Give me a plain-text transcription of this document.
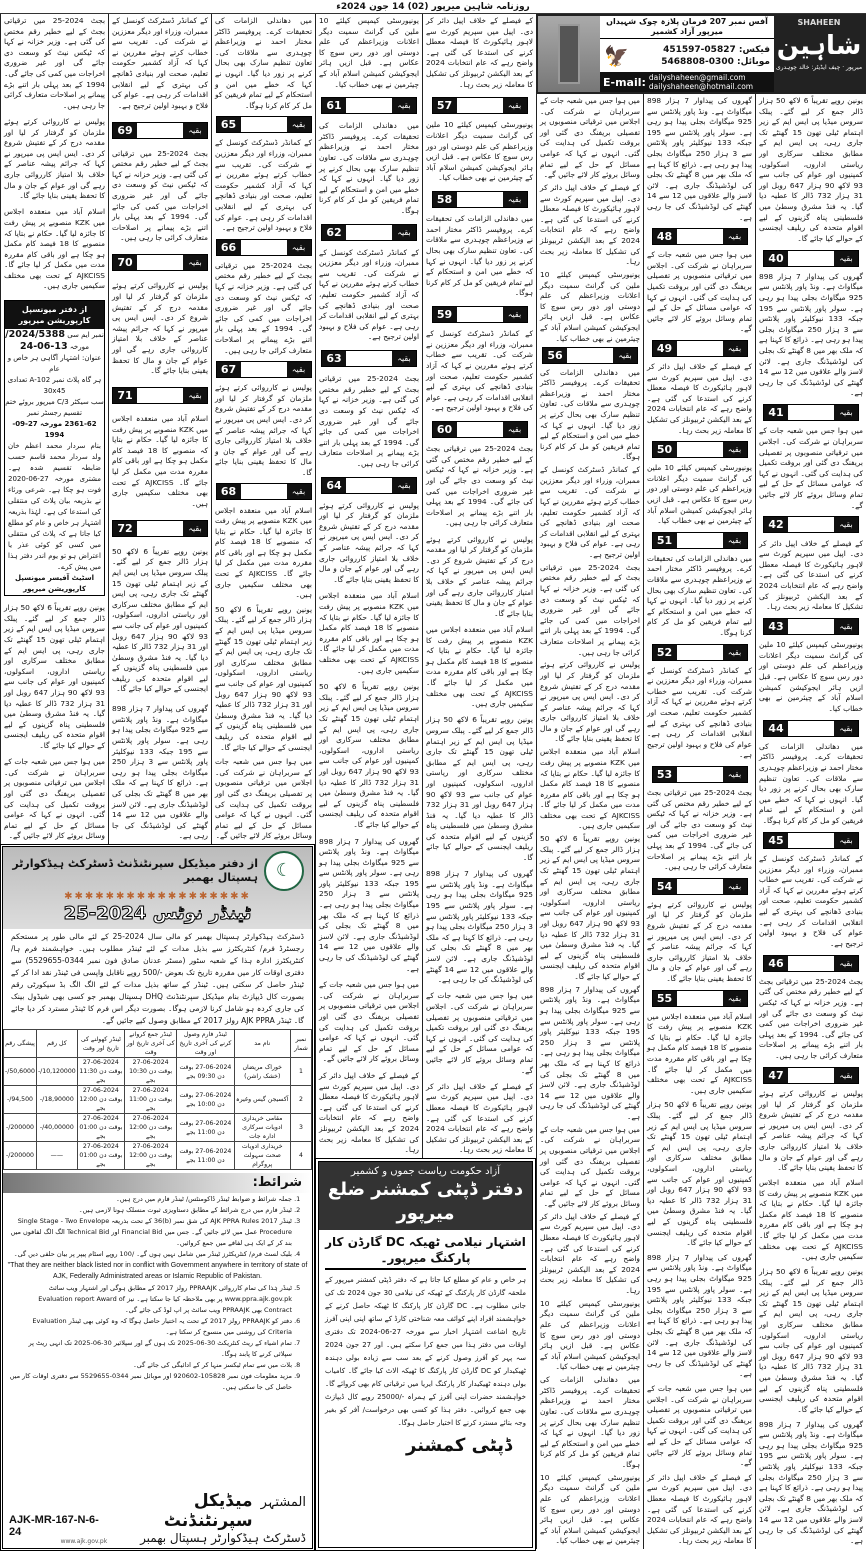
روزنامہ شاہین میرپور (02) 14 جون 2024ء
آفس نمبر 207 فرمان پلازہ چوک شہیداں میرپور آزاد کشمیر
فیکس: 05827-451597
موبائل: 0300-5468808
🦅
E-mail: dailyshaheen@gmail.com
dailyshaheen@hotmail.com
SHAHEEN
شاہین
میرپور · چیف ایڈیٹر: خالد چوہدری

یونین روپے تقریباً 6 لاکھ 50 ہزار ڈالر جمع کر لیے گئے۔ پبلک سروس میڈیا پی ایس ایم کے زیر اہتمام ٹیلی تھون 15 گھنٹے تک جاری رہی، پی ایس ایم کے مطابق مختلف سرکاری اور ریاستی اداروں، اسکولوں، کمپنیوں اور عوام کی جانب سے 93 لاکھ 90 ہزار 647 روبل اور 31 ہزار 732 ڈالر کا عطیہ دیا گیا۔ یہ فنڈ مشرق وسطیٰ میں فلسطینی پناہ گزینوں کے لیے اقوام متحدہ کی ریلیف ایجنسی کے حوالے کیا جائے گا۔

40	بقیہ

گھروں کی پیداوار 7 ہزار 898 میگاواٹ ہے۔ ونڈ پاور پلانٹس سے 925 میگاواٹ بجلی پیدا ہو رہی ہے۔ سولر پاور پلانٹس سے 195 جبکہ 133 نیوکلیئر پاور پلانٹس سے 3 ہزار 250 میگاواٹ بجلی پیدا ہو رہی ہے۔ ذرائع کا کہنا ہے کہ ملک بھر میں 8 گھنٹے تک بجلی کی لوڈشیڈنگ جاری ہے۔ لائن لاسز والے علاقوں میں 12 سے 14 گھنٹے کی لوڈشیڈنگ کی جا رہی ہے۔

41	بقیہ

میں ہوا جس میں شعبہ جات کے سربراہان نے شرکت کی۔ اجلاس میں ترقیاتی منصوبوں پر تفصیلی بریفنگ دی گئی اور بروقت تکمیل کی ہدایت کی گئی۔ انہوں نے کہا کہ عوامی مسائل کے حل کے لیے تمام وسائل بروئے کار لائے جائیں گے۔

42	بقیہ

کے فیصلے کے خلاف اپیل دائر کر دی۔ اپیل میں سپریم کورٹ سے لاہور ہائیکورٹ کا فیصلہ معطل کرنے کی استدعا کی گئی ہے۔ واضح رہے کہ عام انتخابات 2024 کے بعد الیکشن ٹربیونلز کی تشکیل کا معاملہ زیر بحث رہا۔

43	بقیہ

یونیورسٹی کیمپس کیلئے 10 ملین کی گرانٹ سمیت دیگر اعلانات وزیراعظم کی علم دوستی اور دور رس سوچ کا عکاس ہے۔ قبل ازیں ہائر ایجوکیشن کمیشن اسلام آباد کے چیئرمین نے بھی خطاب کیا۔

44	بقیہ

میں دھاندلی الزامات کی تحقیقات کرے۔ پروفیسر ڈاکٹر مختار احمد نے وزیراعظم چوہدری سے ملاقات کی۔ تعاون تنظیم سارک بھی بحال کرنے پر زور دیا گیا۔ انہوں نے کہا کہ خطے میں امن و استحکام کے لیے تمام فریقین کو مل کر کام کرنا ہوگا۔

45	بقیہ

کے کمانڈر ڈسٹرکٹ کونسل کے ممبران، وزراء اور دیگر معززین نے شرکت کی۔ تقریب سے خطاب کرتے ہوئے مقررین نے کہا کہ آزاد کشمیر حکومت تعلیم، صحت اور بنیادی ڈھانچے کی بہتری کے لیے انقلابی اقدامات کر رہی ہے۔ عوام کی فلاح و بہبود اولین ترجیح ہے۔

46	بقیہ

بجٹ 2024-25 میں ترقیاتی بجٹ کے لیے خطیر رقم مختص کی گئی ہے۔ وزیر خزانہ نے کہا کہ ٹیکس نیٹ کو وسعت دی جائے گی اور غیر ضروری اخراجات میں کمی کی جائے گی۔ 1994 کے بعد پہلی بار اتنے بڑے پیمانے پر اصلاحات متعارف کرائی جا رہی ہیں۔

47	بقیہ

پولیس نے کارروائی کرتے ہوئے ملزمان کو گرفتار کر لیا اور مقدمہ درج کر کے تفتیش شروع کر دی۔ ایس ایس پی میرپور نے کہا کہ جرائم پیشہ عناصر کے خلاف بلا امتیاز کارروائی جاری رہے گی اور عوام کے جان و مال کا تحفظ یقینی بنایا جائے گا۔

اسلام آباد میں منعقدہ اجلاس میں KZK منصوبے پر پیش رفت کا جائزہ لیا گیا۔ حکام نے بتایا کہ منصوبے کا 18 فیصد کام مکمل ہو چکا ہے اور باقی کام مقررہ مدت میں مکمل کر لیا جائے گا۔ AJKCISS کے تحت بھی مختلف سکیمیں جاری ہیں۔

یونین روپے تقریباً 6 لاکھ 50 ہزار ڈالر جمع کر لیے گئے۔ پبلک سروس میڈیا پی ایس ایم کے زیر اہتمام ٹیلی تھون 15 گھنٹے تک جاری رہی، پی ایس ایم کے مطابق مختلف سرکاری اور ریاستی اداروں، اسکولوں، کمپنیوں اور عوام کی جانب سے 93 لاکھ 90 ہزار 647 روبل اور 31 ہزار 732 ڈالر کا عطیہ دیا گیا۔ یہ فنڈ مشرق وسطیٰ میں فلسطینی پناہ گزینوں کے لیے اقوام متحدہ کی ریلیف ایجنسی کے حوالے کیا جائے گا۔

گھروں کی پیداوار 7 ہزار 898 میگاواٹ ہے۔ ونڈ پاور پلانٹس سے 925 میگاواٹ بجلی پیدا ہو رہی ہے۔ سولر پاور پلانٹس سے 195 جبکہ 133 نیوکلیئر پاور پلانٹس سے 3 ہزار 250 میگاواٹ بجلی پیدا ہو رہی ہے۔ ذرائع کا کہنا ہے کہ ملک بھر میں 8 گھنٹے تک بجلی کی لوڈشیڈنگ جاری ہے۔ لائن لاسز والے علاقوں میں 12 سے 14 گھنٹے کی لوڈشیڈنگ کی جا رہی ہے۔

گھروں کی پیداوار 7 ہزار 898 میگاواٹ ہے۔ ونڈ پاور پلانٹس سے 925 میگاواٹ بجلی پیدا ہو رہی ہے۔ سولر پاور پلانٹس سے 195 جبکہ 133 نیوکلیئر پاور پلانٹس سے 3 ہزار 250 میگاواٹ بجلی پیدا ہو رہی ہے۔ ذرائع کا کہنا ہے کہ ملک بھر میں 8 گھنٹے تک بجلی کی لوڈشیڈنگ جاری ہے۔ لائن لاسز والے علاقوں میں 12 سے 14 گھنٹے کی لوڈشیڈنگ کی جا رہی ہے۔

48	بقیہ

میں ہوا جس میں شعبہ جات کے سربراہان نے شرکت کی۔ اجلاس میں ترقیاتی منصوبوں پر تفصیلی بریفنگ دی گئی اور بروقت تکمیل کی ہدایت کی گئی۔ انہوں نے کہا کہ عوامی مسائل کے حل کے لیے تمام وسائل بروئے کار لائے جائیں گے۔

49	بقیہ

کے فیصلے کے خلاف اپیل دائر کر دی۔ اپیل میں سپریم کورٹ سے لاہور ہائیکورٹ کا فیصلہ معطل کرنے کی استدعا کی گئی ہے۔ واضح رہے کہ عام انتخابات 2024 کے بعد الیکشن ٹربیونلز کی تشکیل کا معاملہ زیر بحث رہا۔

50	بقیہ

یونیورسٹی کیمپس کیلئے 10 ملین کی گرانٹ سمیت دیگر اعلانات وزیراعظم کی علم دوستی اور دور رس سوچ کا عکاس ہے۔ قبل ازیں ہائر ایجوکیشن کمیشن اسلام آباد کے چیئرمین نے بھی خطاب کیا۔

51	بقیہ

میں دھاندلی الزامات کی تحقیقات کرے۔ پروفیسر ڈاکٹر مختار احمد نے وزیراعظم چوہدری سے ملاقات کی۔ تعاون تنظیم سارک بھی بحال کرنے پر زور دیا گیا۔ انہوں نے کہا کہ خطے میں امن و استحکام کے لیے تمام فریقین کو مل کر کام کرنا ہوگا۔

52	بقیہ

کے کمانڈر ڈسٹرکٹ کونسل کے ممبران، وزراء اور دیگر معززین نے شرکت کی۔ تقریب سے خطاب کرتے ہوئے مقررین نے کہا کہ آزاد کشمیر حکومت تعلیم، صحت اور بنیادی ڈھانچے کی بہتری کے لیے انقلابی اقدامات کر رہی ہے۔ عوام کی فلاح و بہبود اولین ترجیح ہے۔

53	بقیہ

بجٹ 2024-25 میں ترقیاتی بجٹ کے لیے خطیر رقم مختص کی گئی ہے۔ وزیر خزانہ نے کہا کہ ٹیکس نیٹ کو وسعت دی جائے گی اور غیر ضروری اخراجات میں کمی کی جائے گی۔ 1994 کے بعد پہلی بار اتنے بڑے پیمانے پر اصلاحات متعارف کرائی جا رہی ہیں۔

54	بقیہ

پولیس نے کارروائی کرتے ہوئے ملزمان کو گرفتار کر لیا اور مقدمہ درج کر کے تفتیش شروع کر دی۔ ایس ایس پی میرپور نے کہا کہ جرائم پیشہ عناصر کے خلاف بلا امتیاز کارروائی جاری رہے گی اور عوام کے جان و مال کا تحفظ یقینی بنایا جائے گا۔

55	بقیہ

اسلام آباد میں منعقدہ اجلاس میں KZK منصوبے پر پیش رفت کا جائزہ لیا گیا۔ حکام نے بتایا کہ منصوبے کا 18 فیصد کام مکمل ہو چکا ہے اور باقی کام مقررہ مدت میں مکمل کر لیا جائے گا۔ AJKCISS کے تحت بھی مختلف سکیمیں جاری ہیں۔

یونین روپے تقریباً 6 لاکھ 50 ہزار ڈالر جمع کر لیے گئے۔ پبلک سروس میڈیا پی ایس ایم کے زیر اہتمام ٹیلی تھون 15 گھنٹے تک جاری رہی، پی ایس ایم کے مطابق مختلف سرکاری اور ریاستی اداروں، اسکولوں، کمپنیوں اور عوام کی جانب سے 93 لاکھ 90 ہزار 647 روبل اور 31 ہزار 732 ڈالر کا عطیہ دیا گیا۔ یہ فنڈ مشرق وسطیٰ میں فلسطینی پناہ گزینوں کے لیے اقوام متحدہ کی ریلیف ایجنسی کے حوالے کیا جائے گا۔

گھروں کی پیداوار 7 ہزار 898 میگاواٹ ہے۔ ونڈ پاور پلانٹس سے 925 میگاواٹ بجلی پیدا ہو رہی ہے۔ سولر پاور پلانٹس سے 195 جبکہ 133 نیوکلیئر پاور پلانٹس سے 3 ہزار 250 میگاواٹ بجلی پیدا ہو رہی ہے۔ ذرائع کا کہنا ہے کہ ملک بھر میں 8 گھنٹے تک بجلی کی لوڈشیڈنگ جاری ہے۔ لائن لاسز والے علاقوں میں 12 سے 14 گھنٹے کی لوڈشیڈنگ کی جا رہی ہے۔

میں ہوا جس میں شعبہ جات کے سربراہان نے شرکت کی۔ اجلاس میں ترقیاتی منصوبوں پر تفصیلی بریفنگ دی گئی اور بروقت تکمیل کی ہدایت کی گئی۔ انہوں نے کہا کہ عوامی مسائل کے حل کے لیے تمام وسائل بروئے کار لائے جائیں گے۔

کے فیصلے کے خلاف اپیل دائر کر دی۔ اپیل میں سپریم کورٹ سے لاہور ہائیکورٹ کا فیصلہ معطل کرنے کی استدعا کی گئی ہے۔ واضح رہے کہ عام انتخابات 2024 کے بعد الیکشن ٹربیونلز کی تشکیل کا معاملہ زیر بحث رہا۔

میں ہوا جس میں شعبہ جات کے سربراہان نے شرکت کی۔ اجلاس میں ترقیاتی منصوبوں پر تفصیلی بریفنگ دی گئی اور بروقت تکمیل کی ہدایت کی گئی۔ انہوں نے کہا کہ عوامی مسائل کے حل کے لیے تمام وسائل بروئے کار لائے جائیں گے۔

کے فیصلے کے خلاف اپیل دائر کر دی۔ اپیل میں سپریم کورٹ سے لاہور ہائیکورٹ کا فیصلہ معطل کرنے کی استدعا کی گئی ہے۔ واضح رہے کہ عام انتخابات 2024 کے بعد الیکشن ٹربیونلز کی تشکیل کا معاملہ زیر بحث رہا۔

یونیورسٹی کیمپس کیلئے 10 ملین کی گرانٹ سمیت دیگر اعلانات وزیراعظم کی علم دوستی اور دور رس سوچ کا عکاس ہے۔ قبل ازیں ہائر ایجوکیشن کمیشن اسلام آباد کے چیئرمین نے بھی خطاب کیا۔

56	بقیہ

میں دھاندلی الزامات کی تحقیقات کرے۔ پروفیسر ڈاکٹر مختار احمد نے وزیراعظم چوہدری سے ملاقات کی۔ تعاون تنظیم سارک بھی بحال کرنے پر زور دیا گیا۔ انہوں نے کہا کہ خطے میں امن و استحکام کے لیے تمام فریقین کو مل کر کام کرنا ہوگا۔

کے کمانڈر ڈسٹرکٹ کونسل کے ممبران، وزراء اور دیگر معززین نے شرکت کی۔ تقریب سے خطاب کرتے ہوئے مقررین نے کہا کہ آزاد کشمیر حکومت تعلیم، صحت اور بنیادی ڈھانچے کی بہتری کے لیے انقلابی اقدامات کر رہی ہے۔ عوام کی فلاح و بہبود اولین ترجیح ہے۔

بجٹ 2024-25 میں ترقیاتی بجٹ کے لیے خطیر رقم مختص کی گئی ہے۔ وزیر خزانہ نے کہا کہ ٹیکس نیٹ کو وسعت دی جائے گی اور غیر ضروری اخراجات میں کمی کی جائے گی۔ 1994 کے بعد پہلی بار اتنے بڑے پیمانے پر اصلاحات متعارف کرائی جا رہی ہیں۔

پولیس نے کارروائی کرتے ہوئے ملزمان کو گرفتار کر لیا اور مقدمہ درج کر کے تفتیش شروع کر دی۔ ایس ایس پی میرپور نے کہا کہ جرائم پیشہ عناصر کے خلاف بلا امتیاز کارروائی جاری رہے گی اور عوام کے جان و مال کا تحفظ یقینی بنایا جائے گا۔

اسلام آباد میں منعقدہ اجلاس میں KZK منصوبے پر پیش رفت کا جائزہ لیا گیا۔ حکام نے بتایا کہ منصوبے کا 18 فیصد کام مکمل ہو چکا ہے اور باقی کام مقررہ مدت میں مکمل کر لیا جائے گا۔ AJKCISS کے تحت بھی مختلف سکیمیں جاری ہیں۔

یونین روپے تقریباً 6 لاکھ 50 ہزار ڈالر جمع کر لیے گئے۔ پبلک سروس میڈیا پی ایس ایم کے زیر اہتمام ٹیلی تھون 15 گھنٹے تک جاری رہی، پی ایس ایم کے مطابق مختلف سرکاری اور ریاستی اداروں، اسکولوں، کمپنیوں اور عوام کی جانب سے 93 لاکھ 90 ہزار 647 روبل اور 31 ہزار 732 ڈالر کا عطیہ دیا گیا۔ یہ فنڈ مشرق وسطیٰ میں فلسطینی پناہ گزینوں کے لیے اقوام متحدہ کی ریلیف ایجنسی کے حوالے کیا جائے گا۔

گھروں کی پیداوار 7 ہزار 898 میگاواٹ ہے۔ ونڈ پاور پلانٹس سے 925 میگاواٹ بجلی پیدا ہو رہی ہے۔ سولر پاور پلانٹس سے 195 جبکہ 133 نیوکلیئر پاور پلانٹس سے 3 ہزار 250 میگاواٹ بجلی پیدا ہو رہی ہے۔ ذرائع کا کہنا ہے کہ ملک بھر میں 8 گھنٹے تک بجلی کی لوڈشیڈنگ جاری ہے۔ لائن لاسز والے علاقوں میں 12 سے 14 گھنٹے کی لوڈشیڈنگ کی جا رہی ہے۔

میں ہوا جس میں شعبہ جات کے سربراہان نے شرکت کی۔ اجلاس میں ترقیاتی منصوبوں پر تفصیلی بریفنگ دی گئی اور بروقت تکمیل کی ہدایت کی گئی۔ انہوں نے کہا کہ عوامی مسائل کے حل کے لیے تمام وسائل بروئے کار لائے جائیں گے۔

کے فیصلے کے خلاف اپیل دائر کر دی۔ اپیل میں سپریم کورٹ سے لاہور ہائیکورٹ کا فیصلہ معطل کرنے کی استدعا کی گئی ہے۔ واضح رہے کہ عام انتخابات 2024 کے بعد الیکشن ٹربیونلز کی تشکیل کا معاملہ زیر بحث رہا۔

یونیورسٹی کیمپس کیلئے 10 ملین کی گرانٹ سمیت دیگر اعلانات وزیراعظم کی علم دوستی اور دور رس سوچ کا عکاس ہے۔ قبل ازیں ہائر ایجوکیشن کمیشن اسلام آباد کے چیئرمین نے بھی خطاب کیا۔

میں دھاندلی الزامات کی تحقیقات کرے۔ پروفیسر ڈاکٹر مختار احمد نے وزیراعظم چوہدری سے ملاقات کی۔ تعاون تنظیم سارک بھی بحال کرنے پر زور دیا گیا۔ انہوں نے کہا کہ خطے میں امن و استحکام کے لیے تمام فریقین کو مل کر کام کرنا ہوگا۔

یونیورسٹی کیمپس کیلئے 10 ملین کی گرانٹ سمیت دیگر اعلانات وزیراعظم کی علم دوستی اور دور رس سوچ کا عکاس ہے۔ قبل ازیں ہائر ایجوکیشن کمیشن اسلام آباد کے چیئرمین نے بھی خطاب کیا۔

کے فیصلے کے خلاف اپیل دائر کر دی۔ اپیل میں سپریم کورٹ سے لاہور ہائیکورٹ کا فیصلہ معطل کرنے کی استدعا کی گئی ہے۔ واضح رہے کہ عام انتخابات 2024 کے بعد الیکشن ٹربیونلز کی تشکیل کا معاملہ زیر بحث رہا۔

57	بقیہ

یونیورسٹی کیمپس کیلئے 10 ملین کی گرانٹ سمیت دیگر اعلانات وزیراعظم کی علم دوستی اور دور رس سوچ کا عکاس ہے۔ قبل ازیں ہائر ایجوکیشن کمیشن اسلام آباد کے چیئرمین نے بھی خطاب کیا۔

58	بقیہ

میں دھاندلی الزامات کی تحقیقات کرے۔ پروفیسر ڈاکٹر مختار احمد نے وزیراعظم چوہدری سے ملاقات کی۔ تعاون تنظیم سارک بھی بحال کرنے پر زور دیا گیا۔ انہوں نے کہا کہ خطے میں امن و استحکام کے لیے تمام فریقین کو مل کر کام کرنا ہوگا۔

59	بقیہ

کے کمانڈر ڈسٹرکٹ کونسل کے ممبران، وزراء اور دیگر معززین نے شرکت کی۔ تقریب سے خطاب کرتے ہوئے مقررین نے کہا کہ آزاد کشمیر حکومت تعلیم، صحت اور بنیادی ڈھانچے کی بہتری کے لیے انقلابی اقدامات کر رہی ہے۔ عوام کی فلاح و بہبود اولین ترجیح ہے۔

60	بقیہ

بجٹ 2024-25 میں ترقیاتی بجٹ کے لیے خطیر رقم مختص کی گئی ہے۔ وزیر خزانہ نے کہا کہ ٹیکس نیٹ کو وسعت دی جائے گی اور غیر ضروری اخراجات میں کمی کی جائے گی۔ 1994 کے بعد پہلی بار اتنے بڑے پیمانے پر اصلاحات متعارف کرائی جا رہی ہیں۔

پولیس نے کارروائی کرتے ہوئے ملزمان کو گرفتار کر لیا اور مقدمہ درج کر کے تفتیش شروع کر دی۔ ایس ایس پی میرپور نے کہا کہ جرائم پیشہ عناصر کے خلاف بلا امتیاز کارروائی جاری رہے گی اور عوام کے جان و مال کا تحفظ یقینی بنایا جائے گا۔

اسلام آباد میں منعقدہ اجلاس میں KZK منصوبے پر پیش رفت کا جائزہ لیا گیا۔ حکام نے بتایا کہ منصوبے کا 18 فیصد کام مکمل ہو چکا ہے اور باقی کام مقررہ مدت میں مکمل کر لیا جائے گا۔ AJKCISS کے تحت بھی مختلف سکیمیں جاری ہیں۔

یونین روپے تقریباً 6 لاکھ 50 ہزار ڈالر جمع کر لیے گئے۔ پبلک سروس میڈیا پی ایس ایم کے زیر اہتمام ٹیلی تھون 15 گھنٹے تک جاری رہی، پی ایس ایم کے مطابق مختلف سرکاری اور ریاستی اداروں، اسکولوں، کمپنیوں اور عوام کی جانب سے 93 لاکھ 90 ہزار 647 روبل اور 31 ہزار 732 ڈالر کا عطیہ دیا گیا۔ یہ فنڈ مشرق وسطیٰ میں فلسطینی پناہ گزینوں کے لیے اقوام متحدہ کی ریلیف ایجنسی کے حوالے کیا جائے گا۔

گھروں کی پیداوار 7 ہزار 898 میگاواٹ ہے۔ ونڈ پاور پلانٹس سے 925 میگاواٹ بجلی پیدا ہو رہی ہے۔ سولر پاور پلانٹس سے 195 جبکہ 133 نیوکلیئر پاور پلانٹس سے 3 ہزار 250 میگاواٹ بجلی پیدا ہو رہی ہے۔ ذرائع کا کہنا ہے کہ ملک بھر میں 8 گھنٹے تک بجلی کی لوڈشیڈنگ جاری ہے۔ لائن لاسز والے علاقوں میں 12 سے 14 گھنٹے کی لوڈشیڈنگ کی جا رہی ہے۔

میں ہوا جس میں شعبہ جات کے سربراہان نے شرکت کی۔ اجلاس میں ترقیاتی منصوبوں پر تفصیلی بریفنگ دی گئی اور بروقت تکمیل کی ہدایت کی گئی۔ انہوں نے کہا کہ عوامی مسائل کے حل کے لیے تمام وسائل بروئے کار لائے جائیں گے۔

کے فیصلے کے خلاف اپیل دائر کر دی۔ اپیل میں سپریم کورٹ سے لاہور ہائیکورٹ کا فیصلہ معطل کرنے کی استدعا کی گئی ہے۔ واضح رہے کہ عام انتخابات 2024 کے بعد الیکشن ٹربیونلز کی تشکیل کا معاملہ زیر بحث رہا۔

یونیورسٹی کیمپس کیلئے 10 ملین کی گرانٹ سمیت دیگر اعلانات وزیراعظم کی علم دوستی اور دور رس سوچ کا عکاس ہے۔ قبل ازیں ہائر ایجوکیشن کمیشن اسلام آباد کے چیئرمین نے بھی خطاب کیا۔

61	بقیہ

میں دھاندلی الزامات کی تحقیقات کرے۔ پروفیسر ڈاکٹر مختار احمد نے وزیراعظم چوہدری سے ملاقات کی۔ تعاون تنظیم سارک بھی بحال کرنے پر زور دیا گیا۔ انہوں نے کہا کہ خطے میں امن و استحکام کے لیے تمام فریقین کو مل کر کام کرنا ہوگا۔

62	بقیہ

کے کمانڈر ڈسٹرکٹ کونسل کے ممبران، وزراء اور دیگر معززین نے شرکت کی۔ تقریب سے خطاب کرتے ہوئے مقررین نے کہا کہ آزاد کشمیر حکومت تعلیم، صحت اور بنیادی ڈھانچے کی بہتری کے لیے انقلابی اقدامات کر رہی ہے۔ عوام کی فلاح و بہبود اولین ترجیح ہے۔

63	بقیہ

بجٹ 2024-25 میں ترقیاتی بجٹ کے لیے خطیر رقم مختص کی گئی ہے۔ وزیر خزانہ نے کہا کہ ٹیکس نیٹ کو وسعت دی جائے گی اور غیر ضروری اخراجات میں کمی کی جائے گی۔ 1994 کے بعد پہلی بار اتنے بڑے پیمانے پر اصلاحات متعارف کرائی جا رہی ہیں۔

64	بقیہ

پولیس نے کارروائی کرتے ہوئے ملزمان کو گرفتار کر لیا اور مقدمہ درج کر کے تفتیش شروع کر دی۔ ایس ایس پی میرپور نے کہا کہ جرائم پیشہ عناصر کے خلاف بلا امتیاز کارروائی جاری رہے گی اور عوام کے جان و مال کا تحفظ یقینی بنایا جائے گا۔

اسلام آباد میں منعقدہ اجلاس میں KZK منصوبے پر پیش رفت کا جائزہ لیا گیا۔ حکام نے بتایا کہ منصوبے کا 18 فیصد کام مکمل ہو چکا ہے اور باقی کام مقررہ مدت میں مکمل کر لیا جائے گا۔ AJKCISS کے تحت بھی مختلف سکیمیں جاری ہیں۔

یونین روپے تقریباً 6 لاکھ 50 ہزار ڈالر جمع کر لیے گئے۔ پبلک سروس میڈیا پی ایس ایم کے زیر اہتمام ٹیلی تھون 15 گھنٹے تک جاری رہی، پی ایس ایم کے مطابق مختلف سرکاری اور ریاستی اداروں، اسکولوں، کمپنیوں اور عوام کی جانب سے 93 لاکھ 90 ہزار 647 روبل اور 31 ہزار 732 ڈالر کا عطیہ دیا گیا۔ یہ فنڈ مشرق وسطیٰ میں فلسطینی پناہ گزینوں کے لیے اقوام متحدہ کی ریلیف ایجنسی کے حوالے کیا جائے گا۔

گھروں کی پیداوار 7 ہزار 898 میگاواٹ ہے۔ ونڈ پاور پلانٹس سے 925 میگاواٹ بجلی پیدا ہو رہی ہے۔ سولر پاور پلانٹس سے 195 جبکہ 133 نیوکلیئر پاور پلانٹس سے 3 ہزار 250 میگاواٹ بجلی پیدا ہو رہی ہے۔ ذرائع کا کہنا ہے کہ ملک بھر میں 8 گھنٹے تک بجلی کی لوڈشیڈنگ جاری ہے۔ لائن لاسز والے علاقوں میں 12 سے 14 گھنٹے کی لوڈشیڈنگ کی جا رہی ہے۔

میں ہوا جس میں شعبہ جات کے سربراہان نے شرکت کی۔ اجلاس میں ترقیاتی منصوبوں پر تفصیلی بریفنگ دی گئی اور بروقت تکمیل کی ہدایت کی گئی۔ انہوں نے کہا کہ عوامی مسائل کے حل کے لیے تمام وسائل بروئے کار لائے جائیں گے۔

کے فیصلے کے خلاف اپیل دائر کر دی۔ اپیل میں سپریم کورٹ سے لاہور ہائیکورٹ کا فیصلہ معطل کرنے کی استدعا کی گئی ہے۔ واضح رہے کہ عام انتخابات 2024 کے بعد الیکشن ٹربیونلز کی تشکیل کا معاملہ زیر بحث رہا۔

آزاد حکومت ریاست جموں و کشمیر
دفتر ڈپٹی کمشنر ضلع میرپور
اشتہار نیلامی ٹھیکہ DC گارڈن کار پارکنگ میرپور۔
ہر خاص و عام کو مطلع کیا جاتا ہے کہ دفتر ڈپٹی کمشنر میرپور کے ملحقہ گارڈن کار پارکنگ کے ٹھیکہ کی نیلامی 30 جون 2024 تک کی جانی مطلوب ہے۔ DC گارڈن کار پارکنگ کا ٹھیکہ حاصل کرنے کے خواہشمند افراد اپنے کوائف معہ شناختی کارڈ کے ساتھ اپنی اپنی آفرز تاریخ اشاعت اشتہار اخبار سے مورخہ 27-06-2024 تک دفتری اوقات میں دفتر ہذا میں جمع کرا سکتے ہیں۔ اور 27 جون 2024 سہ پہر کو آفرز وصول کرنے کے بعد سب سے زیادہ بولی دہندہ ٹھیکیدار کو DC گارڈن کار پارکنگ کا ٹھیکہ الاٹ کیا جائے گا۔ کامیاب بولی دہندہ ٹھیکیدار کار پارکنگ ایریا میں ترقیاتی کام بھی کروائے گا۔ خواہشمند حضرات اپنی آفرز کے ہمراہ -/25000 روپے کال ڈیپازٹ بھی جمع کروائیں۔ دفتر ہذا کو کسی بھی درخواست/ آفر کو بغیر وجہ بتائے مسترد کرنے کا اختیار حاصل ہوگا۔
ڈپٹی کمشنر

میں دھاندلی الزامات کی تحقیقات کرے۔ پروفیسر ڈاکٹر مختار احمد نے وزیراعظم چوہدری سے ملاقات کی۔ تعاون تنظیم سارک بھی بحال کرنے پر زور دیا گیا۔ انہوں نے کہا کہ خطے میں امن و استحکام کے لیے تمام فریقین کو مل کر کام کرنا ہوگا۔

65	بقیہ

کے کمانڈر ڈسٹرکٹ کونسل کے ممبران، وزراء اور دیگر معززین نے شرکت کی۔ تقریب سے خطاب کرتے ہوئے مقررین نے کہا کہ آزاد کشمیر حکومت تعلیم، صحت اور بنیادی ڈھانچے کی بہتری کے لیے انقلابی اقدامات کر رہی ہے۔ عوام کی فلاح و بہبود اولین ترجیح ہے۔

66	بقیہ

بجٹ 2024-25 میں ترقیاتی بجٹ کے لیے خطیر رقم مختص کی گئی ہے۔ وزیر خزانہ نے کہا کہ ٹیکس نیٹ کو وسعت دی جائے گی اور غیر ضروری اخراجات میں کمی کی جائے گی۔ 1994 کے بعد پہلی بار اتنے بڑے پیمانے پر اصلاحات متعارف کرائی جا رہی ہیں۔

67	بقیہ

پولیس نے کارروائی کرتے ہوئے ملزمان کو گرفتار کر لیا اور مقدمہ درج کر کے تفتیش شروع کر دی۔ ایس ایس پی میرپور نے کہا کہ جرائم پیشہ عناصر کے خلاف بلا امتیاز کارروائی جاری رہے گی اور عوام کے جان و مال کا تحفظ یقینی بنایا جائے گا۔

68	بقیہ

اسلام آباد میں منعقدہ اجلاس میں KZK منصوبے پر پیش رفت کا جائزہ لیا گیا۔ حکام نے بتایا کہ منصوبے کا 18 فیصد کام مکمل ہو چکا ہے اور باقی کام مقررہ مدت میں مکمل کر لیا جائے گا۔ AJKCISS کے تحت بھی مختلف سکیمیں جاری ہیں۔

یونین روپے تقریباً 6 لاکھ 50 ہزار ڈالر جمع کر لیے گئے۔ پبلک سروس میڈیا پی ایس ایم کے زیر اہتمام ٹیلی تھون 15 گھنٹے تک جاری رہی، پی ایس ایم کے مطابق مختلف سرکاری اور ریاستی اداروں، اسکولوں، کمپنیوں اور عوام کی جانب سے 93 لاکھ 90 ہزار 647 روبل اور 31 ہزار 732 ڈالر کا عطیہ دیا گیا۔ یہ فنڈ مشرق وسطیٰ میں فلسطینی پناہ گزینوں کے لیے اقوام متحدہ کی ریلیف ایجنسی کے حوالے کیا جائے گا۔

میں ہوا جس میں شعبہ جات کے سربراہان نے شرکت کی۔ اجلاس میں ترقیاتی منصوبوں پر تفصیلی بریفنگ دی گئی اور بروقت تکمیل کی ہدایت کی گئی۔ انہوں نے کہا کہ عوامی مسائل کے حل کے لیے تمام وسائل بروئے کار لائے جائیں گے۔

کے کمانڈر ڈسٹرکٹ کونسل کے ممبران، وزراء اور دیگر معززین نے شرکت کی۔ تقریب سے خطاب کرتے ہوئے مقررین نے کہا کہ آزاد کشمیر حکومت تعلیم، صحت اور بنیادی ڈھانچے کی بہتری کے لیے انقلابی اقدامات کر رہی ہے۔ عوام کی فلاح و بہبود اولین ترجیح ہے۔

69	بقیہ

بجٹ 2024-25 میں ترقیاتی بجٹ کے لیے خطیر رقم مختص کی گئی ہے۔ وزیر خزانہ نے کہا کہ ٹیکس نیٹ کو وسعت دی جائے گی اور غیر ضروری اخراجات میں کمی کی جائے گی۔ 1994 کے بعد پہلی بار اتنے بڑے پیمانے پر اصلاحات متعارف کرائی جا رہی ہیں۔

70	بقیہ

پولیس نے کارروائی کرتے ہوئے ملزمان کو گرفتار کر لیا اور مقدمہ درج کر کے تفتیش شروع کر دی۔ ایس ایس پی میرپور نے کہا کہ جرائم پیشہ عناصر کے خلاف بلا امتیاز کارروائی جاری رہے گی اور عوام کے جان و مال کا تحفظ یقینی بنایا جائے گا۔

71	بقیہ

اسلام آباد میں منعقدہ اجلاس میں KZK منصوبے پر پیش رفت کا جائزہ لیا گیا۔ حکام نے بتایا کہ منصوبے کا 18 فیصد کام مکمل ہو چکا ہے اور باقی کام مقررہ مدت میں مکمل کر لیا جائے گا۔ AJKCISS کے تحت بھی مختلف سکیمیں جاری ہیں۔

72	بقیہ

یونین روپے تقریباً 6 لاکھ 50 ہزار ڈالر جمع کر لیے گئے۔ پبلک سروس میڈیا پی ایس ایم کے زیر اہتمام ٹیلی تھون 15 گھنٹے تک جاری رہی، پی ایس ایم کے مطابق مختلف سرکاری اور ریاستی اداروں، اسکولوں، کمپنیوں اور عوام کی جانب سے 93 لاکھ 90 ہزار 647 روبل اور 31 ہزار 732 ڈالر کا عطیہ دیا گیا۔ یہ فنڈ مشرق وسطیٰ میں فلسطینی پناہ گزینوں کے لیے اقوام متحدہ کی ریلیف ایجنسی کے حوالے کیا جائے گا۔

گھروں کی پیداوار 7 ہزار 898 میگاواٹ ہے۔ ونڈ پاور پلانٹس سے 925 میگاواٹ بجلی پیدا ہو رہی ہے۔ سولر پاور پلانٹس سے 195 جبکہ 133 نیوکلیئر پاور پلانٹس سے 3 ہزار 250 میگاواٹ بجلی پیدا ہو رہی ہے۔ ذرائع کا کہنا ہے کہ ملک بھر میں 8 گھنٹے تک بجلی کی لوڈشیڈنگ جاری ہے۔ لائن لاسز والے علاقوں میں 12 سے 14 گھنٹے کی لوڈشیڈنگ کی جا رہی ہے۔

بجٹ 2024-25 میں ترقیاتی بجٹ کے لیے خطیر رقم مختص کی گئی ہے۔ وزیر خزانہ نے کہا کہ ٹیکس نیٹ کو وسعت دی جائے گی اور غیر ضروری اخراجات میں کمی کی جائے گی۔ 1994 کے بعد پہلی بار اتنے بڑے پیمانے پر اصلاحات متعارف کرائی جا رہی ہیں۔

پولیس نے کارروائی کرتے ہوئے ملزمان کو گرفتار کر لیا اور مقدمہ درج کر کے تفتیش شروع کر دی۔ ایس ایس پی میرپور نے کہا کہ جرائم پیشہ عناصر کے خلاف بلا امتیاز کارروائی جاری رہے گی اور عوام کے جان و مال کا تحفظ یقینی بنایا جائے گا۔

اسلام آباد میں منعقدہ اجلاس میں KZK منصوبے پر پیش رفت کا جائزہ لیا گیا۔ حکام نے بتایا کہ منصوبے کا 18 فیصد کام مکمل ہو چکا ہے اور باقی کام مقررہ مدت میں مکمل کر لیا جائے گا۔ AJKCISS کے تحت بھی مختلف سکیمیں جاری ہیں۔

از دفتر میونسپل کارپوریشن میرپور
نمبر ایم سی 2024/5388/
مورخہ 13-06-24
عنوان: اشتہار آگاہی ہر خاص و عام
ہر گاہ پلاٹ نمبر 102-A تعدادی 30x45
سب سیکٹر C/3 میرپور بروئے ختم تقسیم رجسٹر نمبر
2361-62 مورخہ 27-09-1994
بنام سردار محمد اعظم خان ولد سردار محمد قاسم حسب ضابطہ تقسیم شدہ ہے۔ مشتری مورخہ 27-06-2020 فوت ہو چکا ہے۔ شرعی ورثاء نے بذریعہ بیان پلاٹ کی منتقلی کی استدعا کی ہے۔ لہٰذا بذریعہ اشتہار ہر خاص و عام کو مطلع کیا جاتا ہے کہ پلاٹ کی منتقلی میں کسی کو کوئی عذر یا اعتراض ہو تو یوم اندر دفتر ہذا میں پیش کرے۔
اسٹیٹ آفیسر میونسپل کارپوریشن میرپور

یونین روپے تقریباً 6 لاکھ 50 ہزار ڈالر جمع کر لیے گئے۔ پبلک سروس میڈیا پی ایس ایم کے زیر اہتمام ٹیلی تھون 15 گھنٹے تک جاری رہی، پی ایس ایم کے مطابق مختلف سرکاری اور ریاستی اداروں، اسکولوں، کمپنیوں اور عوام کی جانب سے 93 لاکھ 90 ہزار 647 روبل اور 31 ہزار 732 ڈالر کا عطیہ دیا گیا۔ یہ فنڈ مشرق وسطیٰ میں فلسطینی پناہ گزینوں کے لیے اقوام متحدہ کی ریلیف ایجنسی کے حوالے کیا جائے گا۔

میں ہوا جس میں شعبہ جات کے سربراہان نے شرکت کی۔ اجلاس میں ترقیاتی منصوبوں پر تفصیلی بریفنگ دی گئی اور بروقت تکمیل کی ہدایت کی گئی۔ انہوں نے کہا کہ عوامی مسائل کے حل کے لیے تمام وسائل بروئے کار لائے جائیں گے۔

☾
از دفتر میڈیکل سپرنٹنڈنٹ ڈسٹرکٹ ہیڈکوارٹر ہسپتال بھمبر
✱✱✱✱✱✱✱✱✱✱✱✱✱✱✱✱✱✱
ٹینڈر نوٹس 2024-25
ڈسٹرکٹ ہیڈکوارٹر ہسپتال بھمبر کو مالی سال 2024-25 کے لئے مالی طور پر مستحکم رجسٹرڈ فرم/ کنٹریکٹرز سے بذیل مدات کے لئے ٹینڈر مطلوب ہیں۔ خواہشمند فرم ہا/ کنٹریکٹرز ادارہ ہذا کے شعبہ سٹور (مسٹر عدنان صادق فون نمبر 0344-5529655) سے دفتری اوقات کار میں مقررہ تاریخ تک بعوض -/500 روپے ناقابل واپسی فی ٹینڈر نقد ادا کر کے ٹینڈر حاصل کر سکتی ہیں۔ ٹینڈر کے ساتھ بذیل مدات کے لئے الگ الگ بڈ سیکورٹی رقم بصورت کال ڈیپازٹ بنام میڈیکل سپرنٹنڈنٹ DHQ ہسپتال بھمبر جو کسی بھی شیڈول بینک کی جاری کردہ ہو شامل کرنا لازمی ہوگا۔ بصورت دیگر اس فرم کا ٹینڈر مسترد کر دیا جائے گا۔ ٹینڈر AJK PPRA رولز 2017 کے مطابق وصول کیے جائیں گے۔
نمبر شمار	نام مد	ٹینڈر فارم وصول کرنے کی آخری تاریخ اور وقت	ٹینڈر جمع کروانے کی آخری تاریخ اور وقت	ٹینڈر کھولنے کی تاریخ اور وقت	کل رقم	پیشگی رقم
1	خوراک مریضاں (خشک راشن)	27-06-2024 بوقت دن 09:30 بجے	27-06-2024 بوقت دن 10:30 بجے	27-06-2024 بوقت دن 11:30 بجے	10,120000/-	50,6000/-
2	آکسیجن گیس وغیرہ	27-06-2024 بوقت دن 10:00 بجے	27-06-2024 بوقت دن 11:00 بجے	27-06-2024 بوقت دن 12:00 بجے	18,90000/-	94,500/-
3	مقامی خریداری ادویات سرکاری ادارہ جات	27-06-2024 بوقت دن 11:00 بجے	27-06-2024 بوقت دن 12:00 بجے	27-06-2024 بوقت دن 01:00 بجے	40,00000/-	200000/-
4	خریداری ادویات صحت سہولت پروگرام	27-06-2024 بوقت دن 11:00 بجے	27-06-2024 بوقت دن 12:00 بجے	27-06-2024 بوقت دن 01:00 بجے	——	200000/-
شرائط:
1. جملہ شرائط و ضوابط ٹینڈر ڈاکومنٹس/ ٹینڈر فارم میں درج ہیں۔
2. ٹینڈر فارم میں درج شرائط کے مطابق دستاویزی ثبوت منسلک ہونا لازمی ہیں۔
3. ٹینڈر AJK PPRA Rules 2017 کی شق نمبر (b)36 کے تحت بذریعہ Single Stage - Two Envelope Procedure عمل میں لائے جائیں گے۔ جس میں Financial Bid اور Technical Bid الگ الگ لفافوں میں بند کر کے ایک ہی لفافے میں جمع کروائیں۔
4. بلیک لسٹ فرم/ کنٹریکٹرز ٹینڈر میں شامل نہیں ہوں گے۔ /100 روپے اسٹام پیپر پر بیان حلفی دیں گی۔
"That they are neither black listed nor in conflict with Government anywhere in territory of state of AJK, Federally Administrated areas or Islamic Republic of Pakistan.
5. ٹینڈر ہٰذا کی تمام کارروائی PPRAAJK رولز 2017 کے مطابق ہوگی اور اشتہار ویب سائٹ www.ppra.ajk.gov.pk پر بھی ملاحظہ کیا جا سکتا ہے۔ نیز Evaluation report Award of Contract بھی PPRAAJK ویب سائٹ پر اپ لوڈ کی جائے گی۔
6. دفتر کو PPRAAJK رولز 2017 کے تحت یہ اختیار حاصل ہوگا کہ وہ کوئی بھی ٹینڈر Evaluation Criteria کی روشنی میں منسوخ کر سکتا ہے۔
7. تمام اشیاء کے ریٹ کنٹریکٹ 30-06-2025 تک ہوں گے اور سپلائیر 30-06-2025 تک انہی ریٹ پر سپلائی کرنے کا پابند ہوگا۔
8. بلات میں سے تمام ٹیکسز منہا کر کے ادائیگی کی جائے گی۔
9. مزید معلومات فون نمبر 105828-920602 اور موبائل نمبر 0344-5529655 سے دفتری اوقات کار میں حاصل کی جا سکتی ہیں۔
المشتہر
میڈیکل سپرنٹنڈنٹ
ڈسٹرکٹ ہیڈکوارٹر ہسپتال بھمبر
AJK-MR-167-N-6-24
www.ajk.gov.pk
